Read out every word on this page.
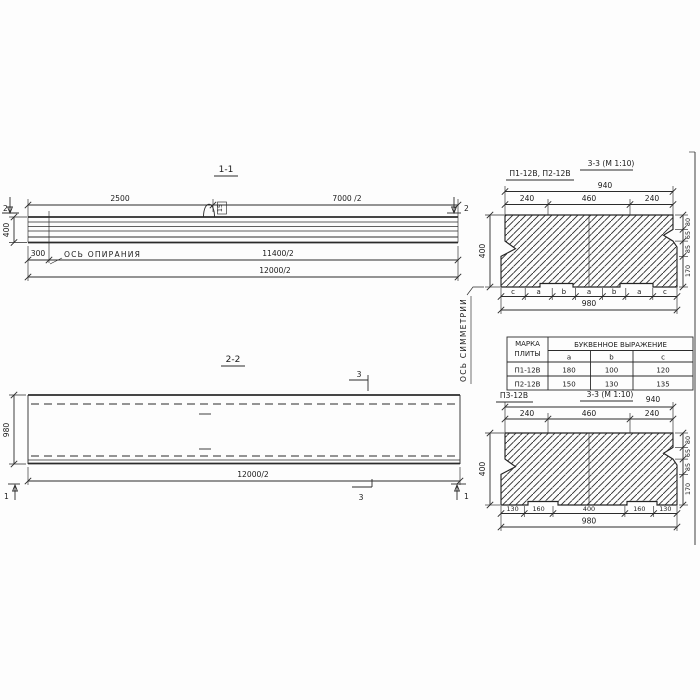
1-1
2500	7000 /2
2	2
15
400
300 ОСЬ ОПИРАНИЯ	11400/2
12000/2
2-2
3
980
12000/2
1	1
3
ОСЬ СИММЕТРИИ
П1-12В, П2-12В
3-3 (М 1:10)
940
240	460	240
400
80
65
85
170
c	a	b	a	b	a	c
980
МАРКА
ПЛИТЫ
БУКВЕННОЕ ВЫРАЖЕНИЕ
a	b	c
П1-12В	180	100	120
П2-12В	150	130	135
П3-12В	3-3 (М 1:10)
940
240	460	240
400
80
65
85
170
130 160	400	160 130
980
